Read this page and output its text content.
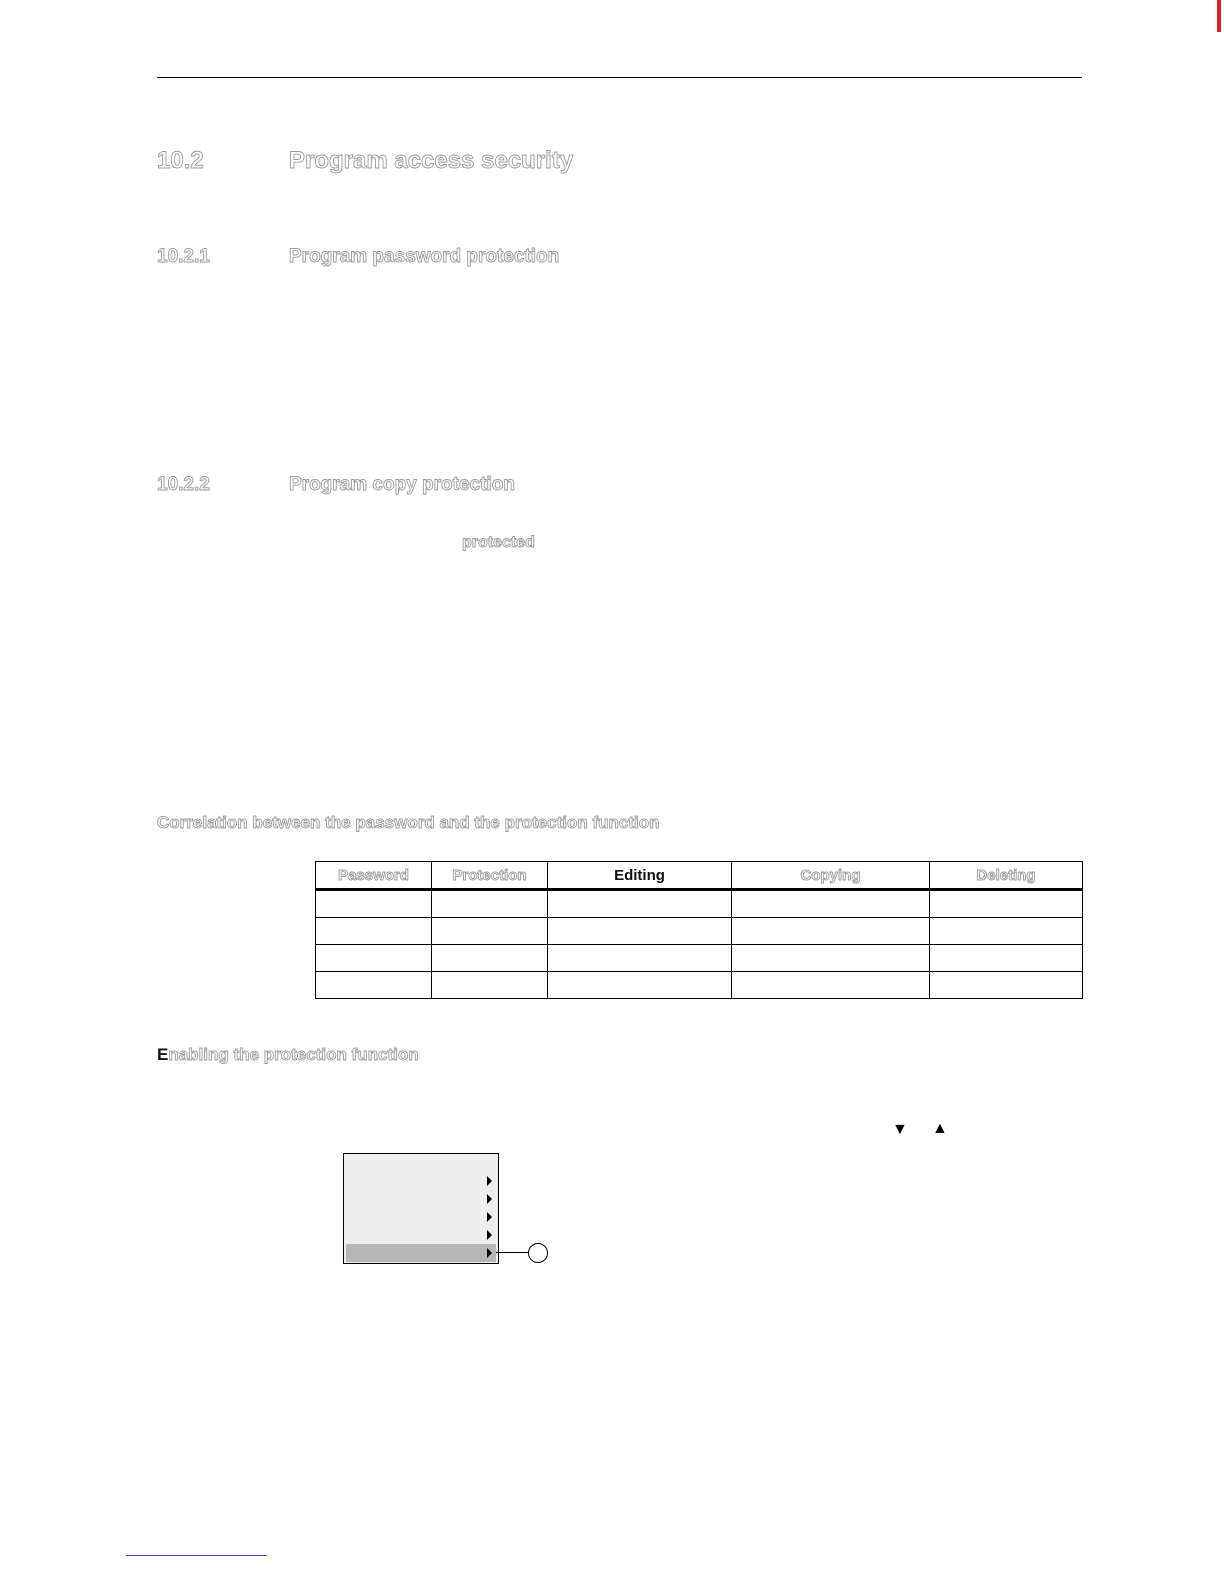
10.2	Program access security
10.2.1	Program password protection
10.2.2	Program copy protection
protected
Correlation between the password and the protection function
Password	Protection	Editing	Copying	Deleting

Enabling the protection function
▼ ▲
